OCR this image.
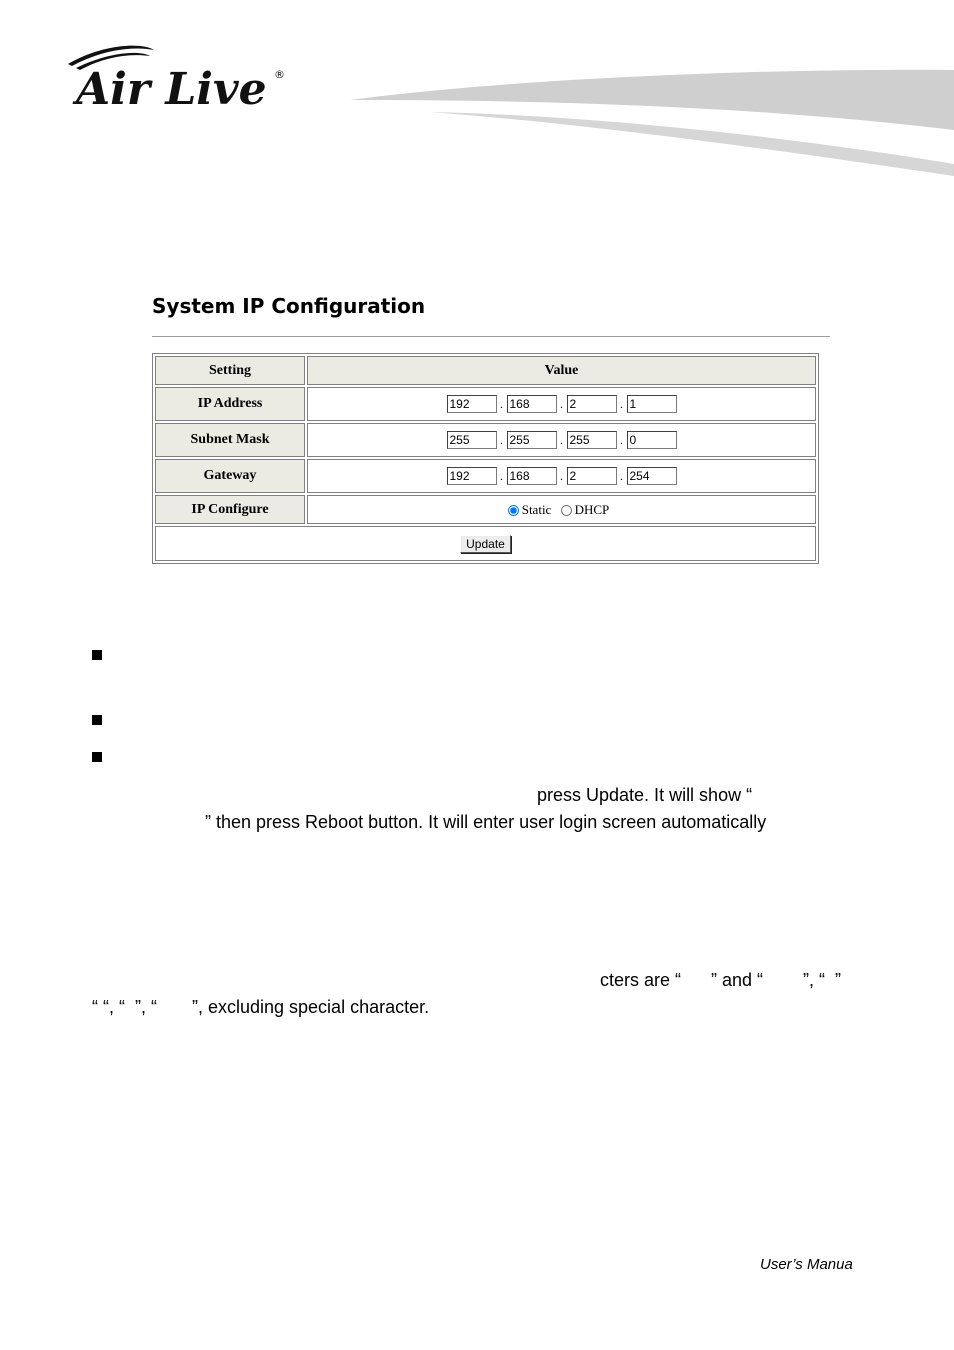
Air Live ®
System IP Configuration
Setting	Value
IP Address	192.168 .2 .1
Subnet Mask	255.255 .255 .0
Gateway	192.168 .2 .254
IP Configure	Static DHCP
Update	
press Update. It will show “
” then press Reboot button. It will enter user login screen automatically
cters are “      ” and “        ”, “  ”
“ “, “  ”, “       ”, excluding special character.
User’s Manua
